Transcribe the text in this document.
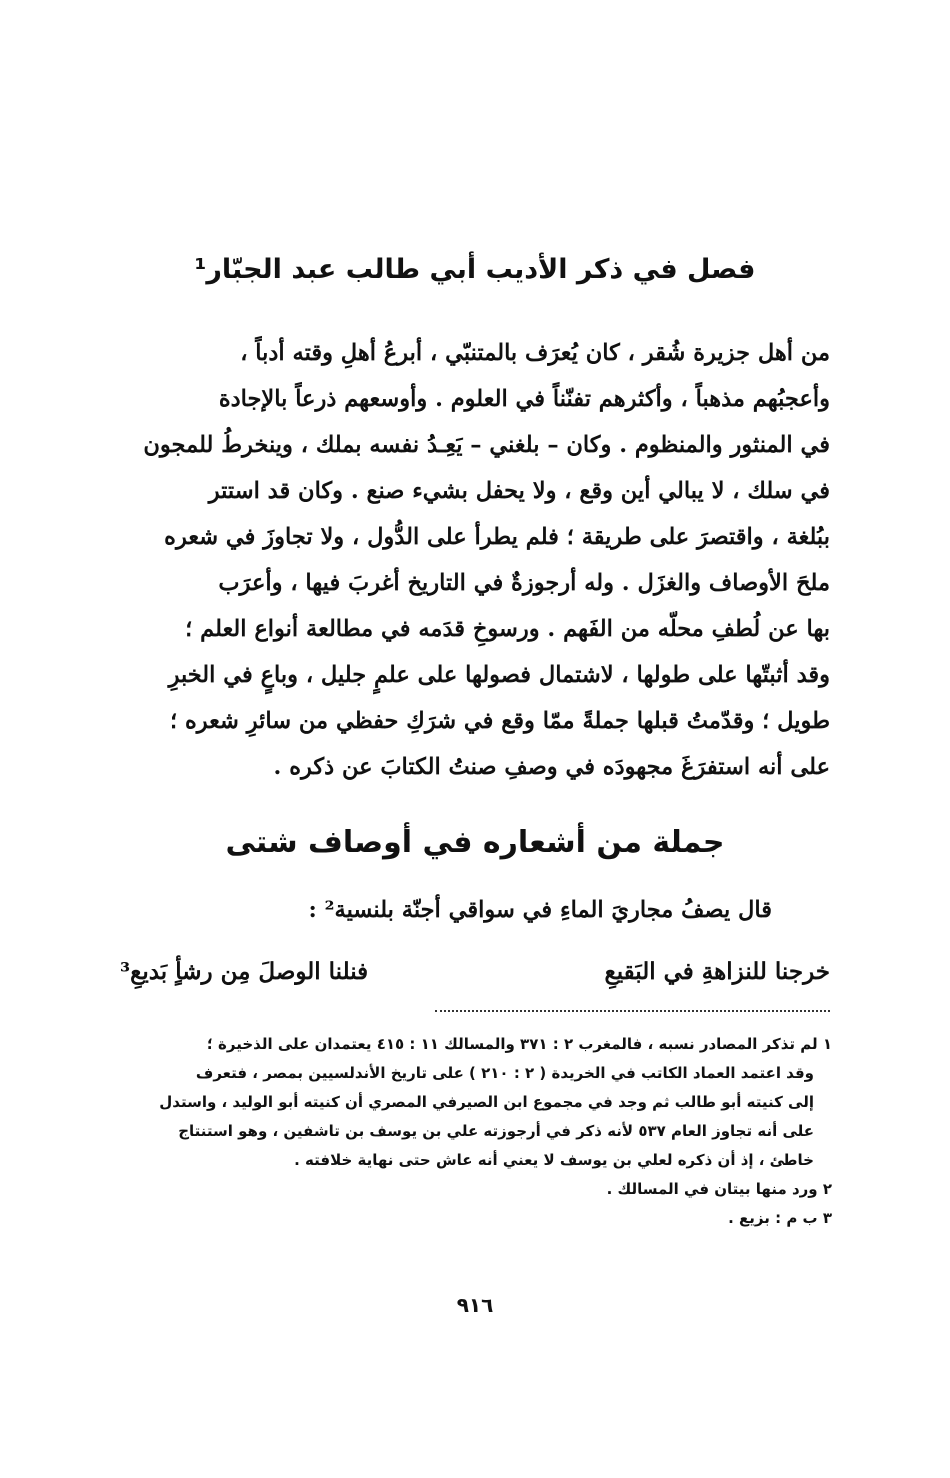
فصل في ذكر الأديب أبي طالب عبد الجبّار¹
من أهل جزيرة شُقر ، كان يُعرَف بالمتنبّي ، أبرعُ أهلِ وقته أدباً ،
وأعجبُهم مذهباً ، وأكثرهم تفنّناً في العلوم . وأوسعهم ذرعاً بالإجادة
في المنثور والمنظوم . وكان – بلغني – يَعِـدُ نفسه بملك ، وينخرطُ للمجون
في سلك ، لا يبالي أين وقع ، ولا يحفل بشيء صنع . وكان قد استتر
ببُلغة ، واقتصرَ على طريقة ؛ فلم يطرأ على الدُّول ، ولا تجاوزَ في شعره
ملحَ الأوصاف والغزَل . وله أرجوزةٌ في التاريخ أغربَ فيها ، وأعرَب
بها عن لُطفِ محلّه من الفَهم . ورسوخِ قدَمه في مطالعة أنواع العلم ؛
وقد أثبتّها على طولها ، لاشتمال فصولها على علمٍ جليل ، وباعٍ في الخبرِ
طويل ؛ وقدّمتُ قبلها جملةً ممّا وقع في شرَكِ حفظي من سائرِ شعره ؛
على أنه استفرَغَ مجهودَه في وصفِ صنتُ الكتابَ عن ذكره .
جملة من أشعاره في أوصاف شتى
قال يصفُ مجاريَ الماءِ في سواقي أجنّة بلنسية² :
خرجنا للنزاهةِ في البَقيعِ
فنلنا الوصلَ مِن رشأٍ بَديعِ³
١ لم تذكر المصادر نسبه ، فالمغرب ٢ : ٣٧١ والمسالك ١١ : ٤١٥ يعتمدان على الذخيرة ؛
وقد اعتمد العماد الكاتب في الخريدة ( ٢ : ٢١٠ ) على تاريخ الأندلسيين بمصر ، فتعرف
إلى كنيته أبو طالب ثم وجد في مجموع ابن الصيرفي المصري أن كنيته أبو الوليد ، واستدل
على أنه تجاوز العام ٥٣٧ لأنه ذكر في أرجوزته علي بن يوسف بن تاشفين ، وهو استنتاج
خاطئ ، إذ أن ذكره لعلي بن يوسف لا يعني أنه عاش حتى نهاية خلافته .
٢ ورد منها بيتان في المسالك .
٣ ب م : بزيع .
٩١٦
